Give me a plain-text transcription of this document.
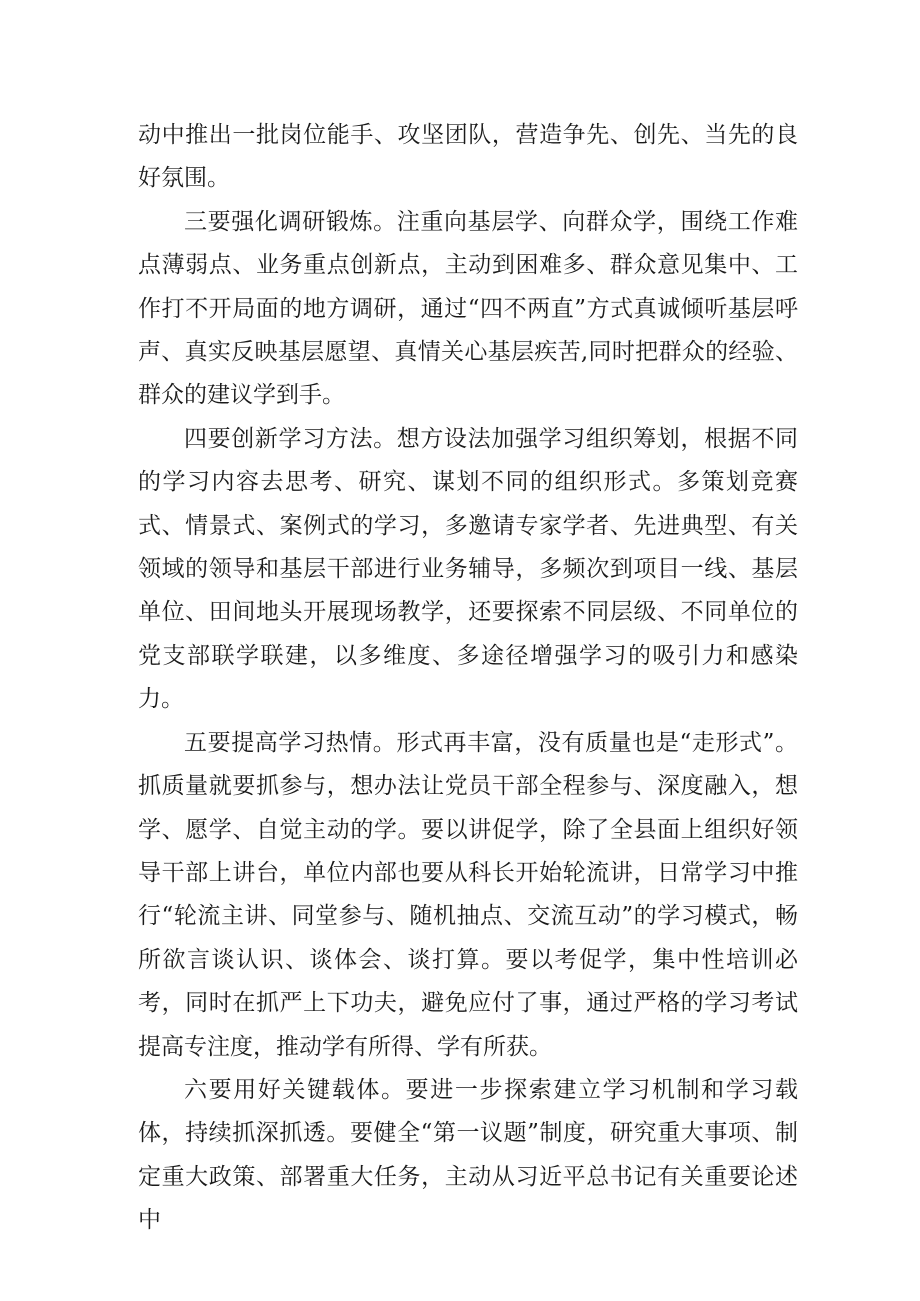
动中推出一批岗位能手、攻坚团队，营造争先、创先、当先的良好氛围。

三要强化调研锻炼。注重向基层学、向群众学，围绕工作难点薄弱点、业务重点创新点，主动到困难多、群众意见集中、工作打不开局面的地方调研，通过“四不两直”方式真诚倾听基层呼声、真实反映基层愿望、真情关心基层疾苦,同时把群众的经验、群众的建议学到手。

四要创新学习方法。想方设法加强学习组织筹划，根据不同的学习内容去思考、研究、谋划不同的组织形式。多策划竞赛式、情景式、案例式的学习，多邀请专家学者、先进典型、有关领域的领导和基层干部进行业务辅导，多频次到项目一线、基层单位、田间地头开展现场教学，还要探索不同层级、不同单位的党支部联学联建，以多维度、多途径增强学习的吸引力和感染力。

五要提高学习热情。形式再丰富，没有质量也是“走形式”。抓质量就要抓参与，想办法让党员干部全程参与、深度融入，想学、愿学、自觉主动的学。要以讲促学，除了全县面上组织好领导干部上讲台，单位内部也要从科长开始轮流讲，日常学习中推行“轮流主讲、同堂参与、随机抽点、交流互动”的学习模式，畅所欲言谈认识、谈体会、谈打算。要以考促学，集中性培训必考，同时在抓严上下功夫，避免应付了事，通过严格的学习考试提高专注度，推动学有所得、学有所获。

六要用好关键载体。要进一步探索建立学习机制和学习载体，持续抓深抓透。要健全“第一议题”制度，研究重大事项、制定重大政策、部署重大任务，主动从习近平总书记有关重要论述中
